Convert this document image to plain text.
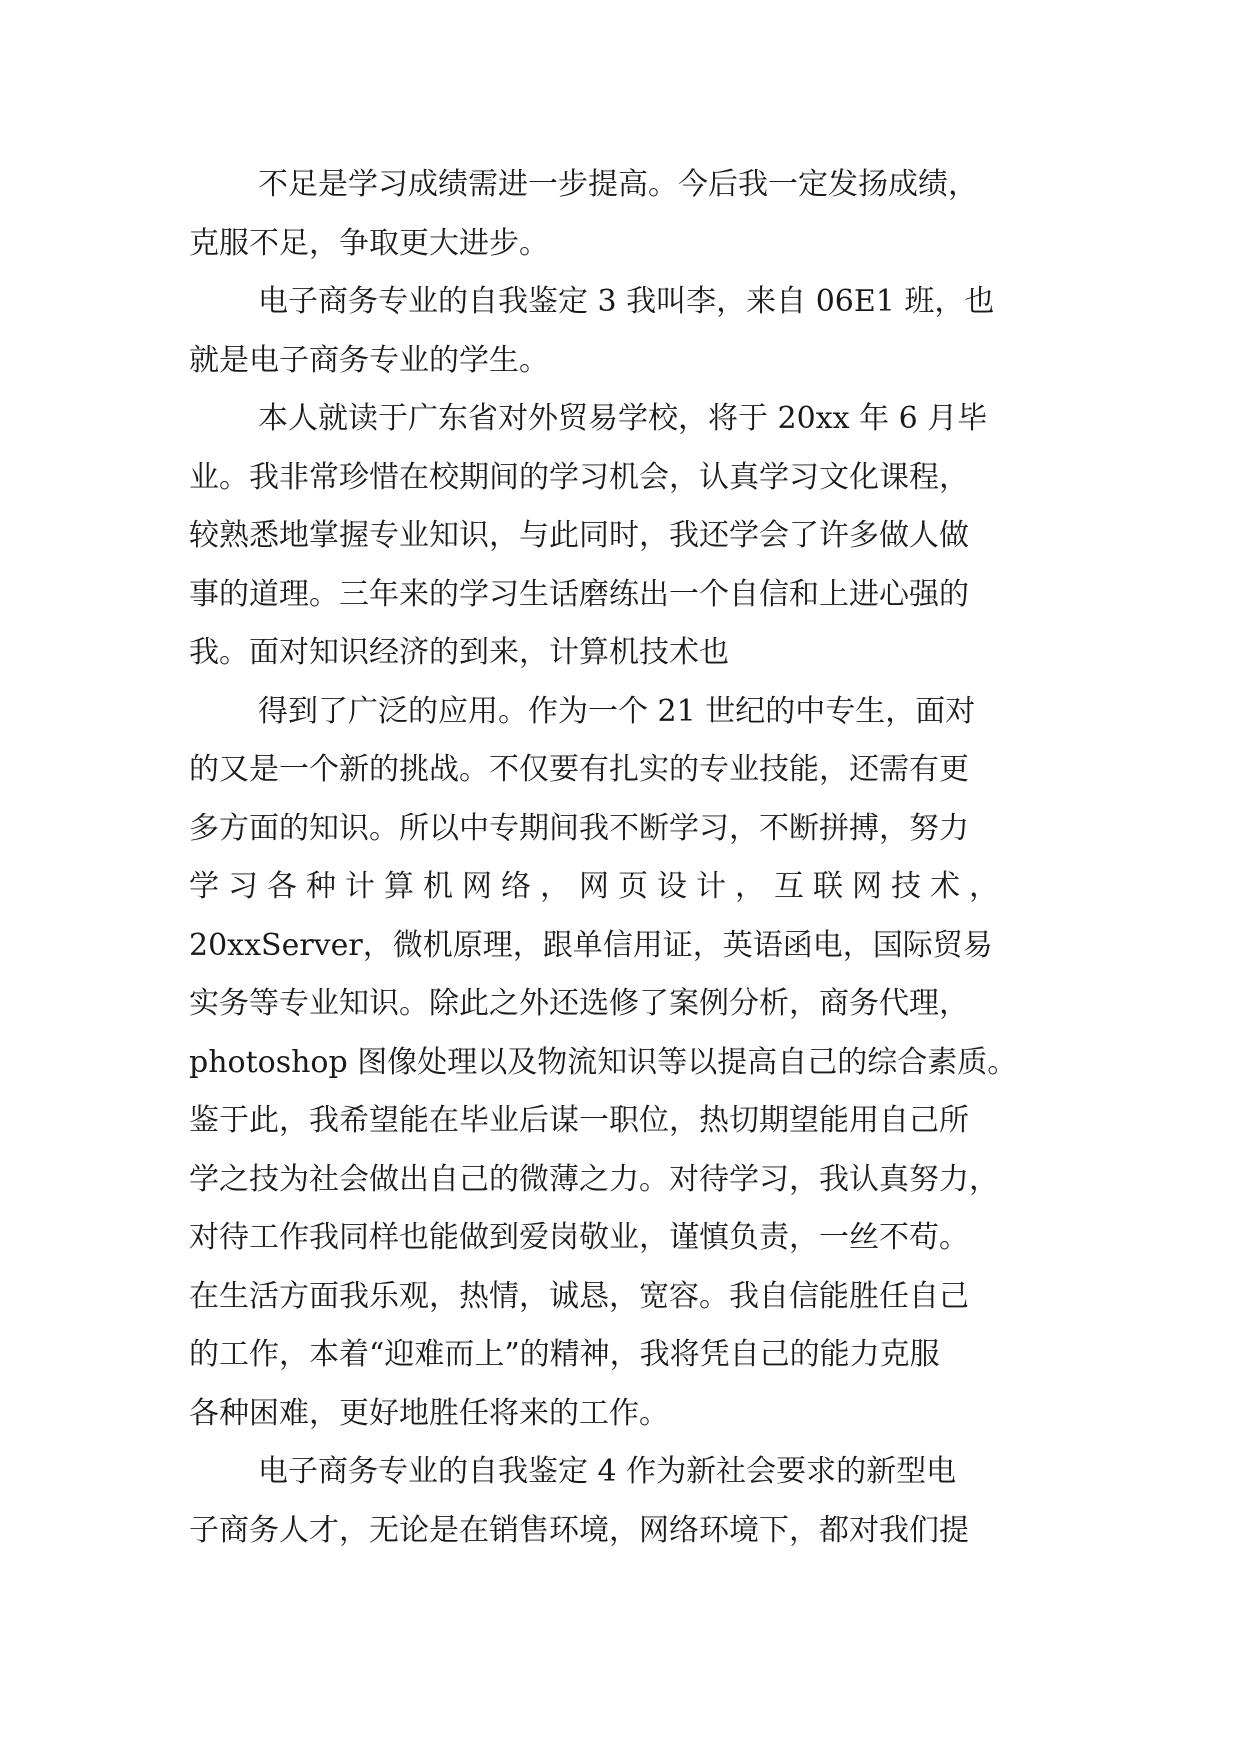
不足是学习成绩需进一步提高。今后我一定发扬成绩，
克服不足，争取更大进步。
电子商务专业的自我鉴定 3 我叫李，来自 06E1 班，也
就是电子商务专业的学生。
本人就读于广东省对外贸易学校，将于 20xx 年 6 月毕
业。我非常珍惜在校期间的学习机会，认真学习文化课程，
较熟悉地掌握专业知识，与此同时，我还学会了许多做人做
事的道理。三年来的学习生话磨练出一个自信和上进心强的
我。面对知识经济的到来，计算机技术也
得到了广泛的应用。作为一个 21 世纪的中专生，面对
的又是一个新的挑战。不仅要有扎实的专业技能，还需有更
多方面的知识。所以中专期间我不断学习，不断拼搏，努力
学习各种计算机网络，网页设计，互联网技术，
20xxServer，微机原理，跟单信用证，英语函电，国际贸易
实务等专业知识。除此之外还选修了案例分析，商务代理，
photoshop 图像处理以及物流知识等以提高自己的综合素质。
鉴于此，我希望能在毕业后谋一职位，热切期望能用自己所
学之技为社会做出自己的微薄之力。对待学习，我认真努力，
对待工作我同样也能做到爱岗敬业，谨慎负责，一丝不苟。
在生活方面我乐观，热情，诚恳，宽容。我自信能胜任自己
的工作，本着“迎难而上”的精神，我将凭自己的能力克服
各种困难，更好地胜任将来的工作。
电子商务专业的自我鉴定 4 作为新社会要求的新型电
子商务人才，无论是在销售环境，网络环境下，都对我们提
